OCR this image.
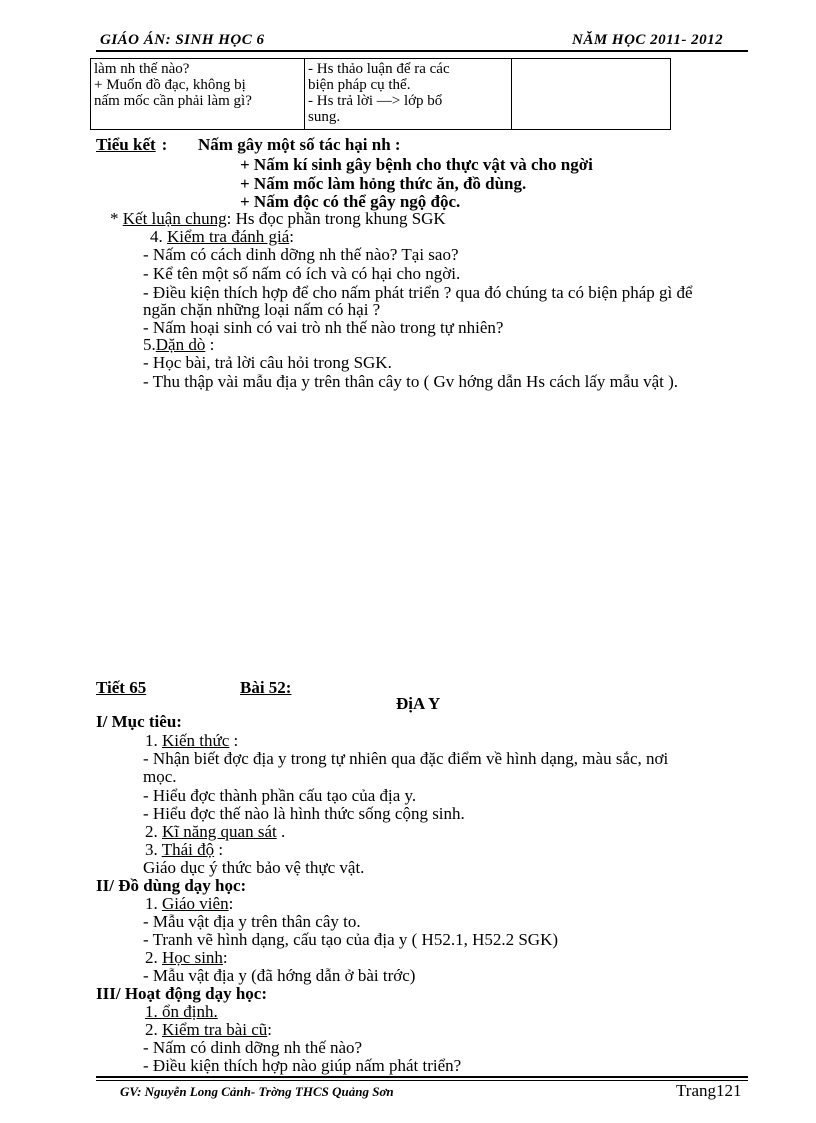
GIÁO ÁN: SINH HỌC 6	NĂM HỌC 2011- 2012
làm nh thế nào?
+ Muốn đồ đạc, không bị
nấm mốc cần phải làm gì?

- Hs thảo luận để ra các
biện pháp cụ thể.
- Hs trả lời —> lớp bổ
sung.

Tiểu kết : Nấm gây một số tác hại nh :
+ Nấm kí sinh gây bệnh cho thực vật và cho ngời
+ Nấm mốc làm hỏng thức ăn, đồ dùng.
+ Nấm độc có thể gây ngộ độc.
* Kết luận chung: Hs đọc phần trong khung SGK
4. Kiểm tra đánh giá:
- Nấm có cách dinh dỡng nh thế nào? Tại sao?
- Kể tên một số nấm có ích và có hại cho ngời.
- Điều kiện thích hợp để cho nấm phát triển ? qua đó chúng ta có biện pháp gì để
ngăn chặn những loại nấm có hại ?
- Nấm hoại sinh có vai trò nh thế nào trong tự nhiên?
5.Dặn dò :
- Học bài, trả lời câu hỏi trong SGK.
- Thu thập vài mẫu địa y trên thân cây to ( Gv hớng dẫn Hs cách lấy mẫu vật ).
Tiết 65	Bài 52:
ĐịA Y
I/ Mục tiêu:
1. Kiến thức :
- Nhận biết đợc địa y trong tự nhiên qua đặc điểm về hình dạng, màu sắc, nơi
mọc.
- Hiểu đợc thành phần cấu tạo của địa y.
- Hiểu đợc thế nào là hình thức sống cộng sinh.
2. Kĩ năng quan sát .
3. Thái độ :
Giáo dục ý thức bảo vệ thực vật.
II/ Đồ dùng dạy học:
1. Giáo viên:
- Mẫu vật địa y trên thân cây to.
- Tranh vẽ hình dạng, cấu tạo của địa y ( H52.1, H52.2 SGK)
2. Học sinh:
- Mẫu vật địa y (đã hớng dẫn ở bài trớc)
III/ Hoạt động dạy học:
1. ổn định.
2. Kiểm tra bài cũ:
- Nấm có dinh dỡng nh thế nào?
- Điều kiện thích hợp nào giúp nấm phát triển?
GV: Nguyễn Long Cảnh- Trờng THCS Quảng Sơn	Trang121
